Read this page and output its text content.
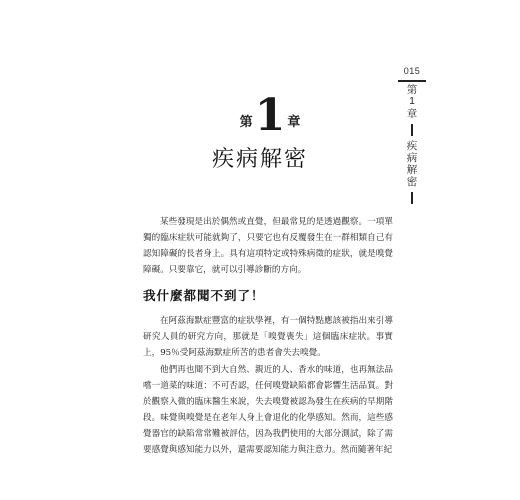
015
第
1
章
疾病解密
第 1 章
疾病解密

某些發現是出於偶然或直覺，但最常見的是透過觀察。一項單獨的臨床症狀可能就夠了，只要它也有反覆發生在一群相類自己有認知障礙的長者身上。具有這項特定或特殊病徵的症狀，就是嗅覺障礙。只要靠它，就可以引導診斷的方向。

我什麼都聞不到了！

在阿茲海默症豐富的症狀學裡，有一個特點應該被指出來引導研究人員的研究方向，那就是「嗅覺喪失」這個臨床症狀。事實上，95％受阿茲海默症所苦的患者會失去嗅覺。

他們再也聞不到大自然、親近的人、香水的味道，也再無法品嚐一道菜的味道：不可否認，任何嗅覺缺陷都會影響生活品質。對於觀察入微的臨床醫生來說，失去嗅覺被認為發生在疾病的早期階段。味覺與嗅覺是在老年人身上會退化的化學感知。然而，這些感覺器官的缺陷常常難被評估，因為我們使用的大部分測試，除了需要感覺與感知能力以外，還需要認知能力與注意力。然而隨著年紀
